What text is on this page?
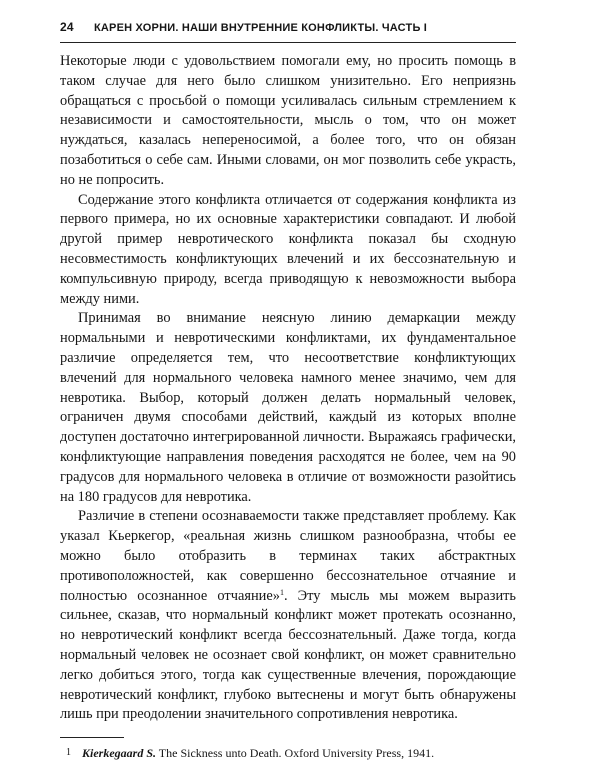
24	КАРЕН ХОРНИ. НАШИ ВНУТРЕННИЕ КОНФЛИКТЫ. ЧАСТЬ I

Некоторые люди с удовольствием помогали ему, но просить помощь в таком случае для него было слишком унизительно. Его неприязнь обращаться с просьбой о помощи усиливалась сильным стремлением к независимости и самостоятельности, мысль о том, что он может нуждаться, казалась непереносимой, а более того, что он обязан позаботиться о себе сам. Иными словами, он мог позволить себе украсть, но не попросить.

Содержание этого конфликта отличается от содержания конфликта из первого примера, но их основные характеристики совпадают. И любой другой пример невротического конфликта показал бы сходную несовместимость конфликтующих влечений и их бессознательную и компульсивную природу, всегда приводящую к невозможности выбора между ними.

Принимая во внимание неясную линию демаркации между нормальными и невротическими конфликтами, их фундаментальное различие определяется тем, что несоответствие конфликтующих влечений для нормального человека намного менее значимо, чем для невротика. Выбор, который должен делать нормальный человек, ограничен двумя способами действий, каждый из которых вполне доступен достаточно интегрированной личности. Выражаясь графически, конфликтующие направления поведения расходятся не более, чем на 90 градусов для нормального человека в отличие от возможности разойтись на 180 градусов для невротика.

Различие в степени осознаваемости также представляет проблему. Как указал Кьеркегор, «реальная жизнь слишком разнообразна, чтобы ее можно было отобразить в терминах таких абстрактных противоположностей, как совершенно бессознательное отчаяние и полностью осознанное отчаяние»$^1$. Эту мысль мы можем выразить сильнее, сказав, что нормальный конфликт может протекать осознанно, но невротический конфликт всегда бессознательный. Даже тогда, когда нормальный человек не осознает свой конфликт, он может сравнительно легко добиться этого, тогда как существенные влечения, порождающие невротический конфликт, глубоко вытеснены и могут быть обнаружены лишь при преодолении значительного сопротивления невротика.

1 Kierkegaard S. The Sickness unto Death. Oxford University Press, 1941.
